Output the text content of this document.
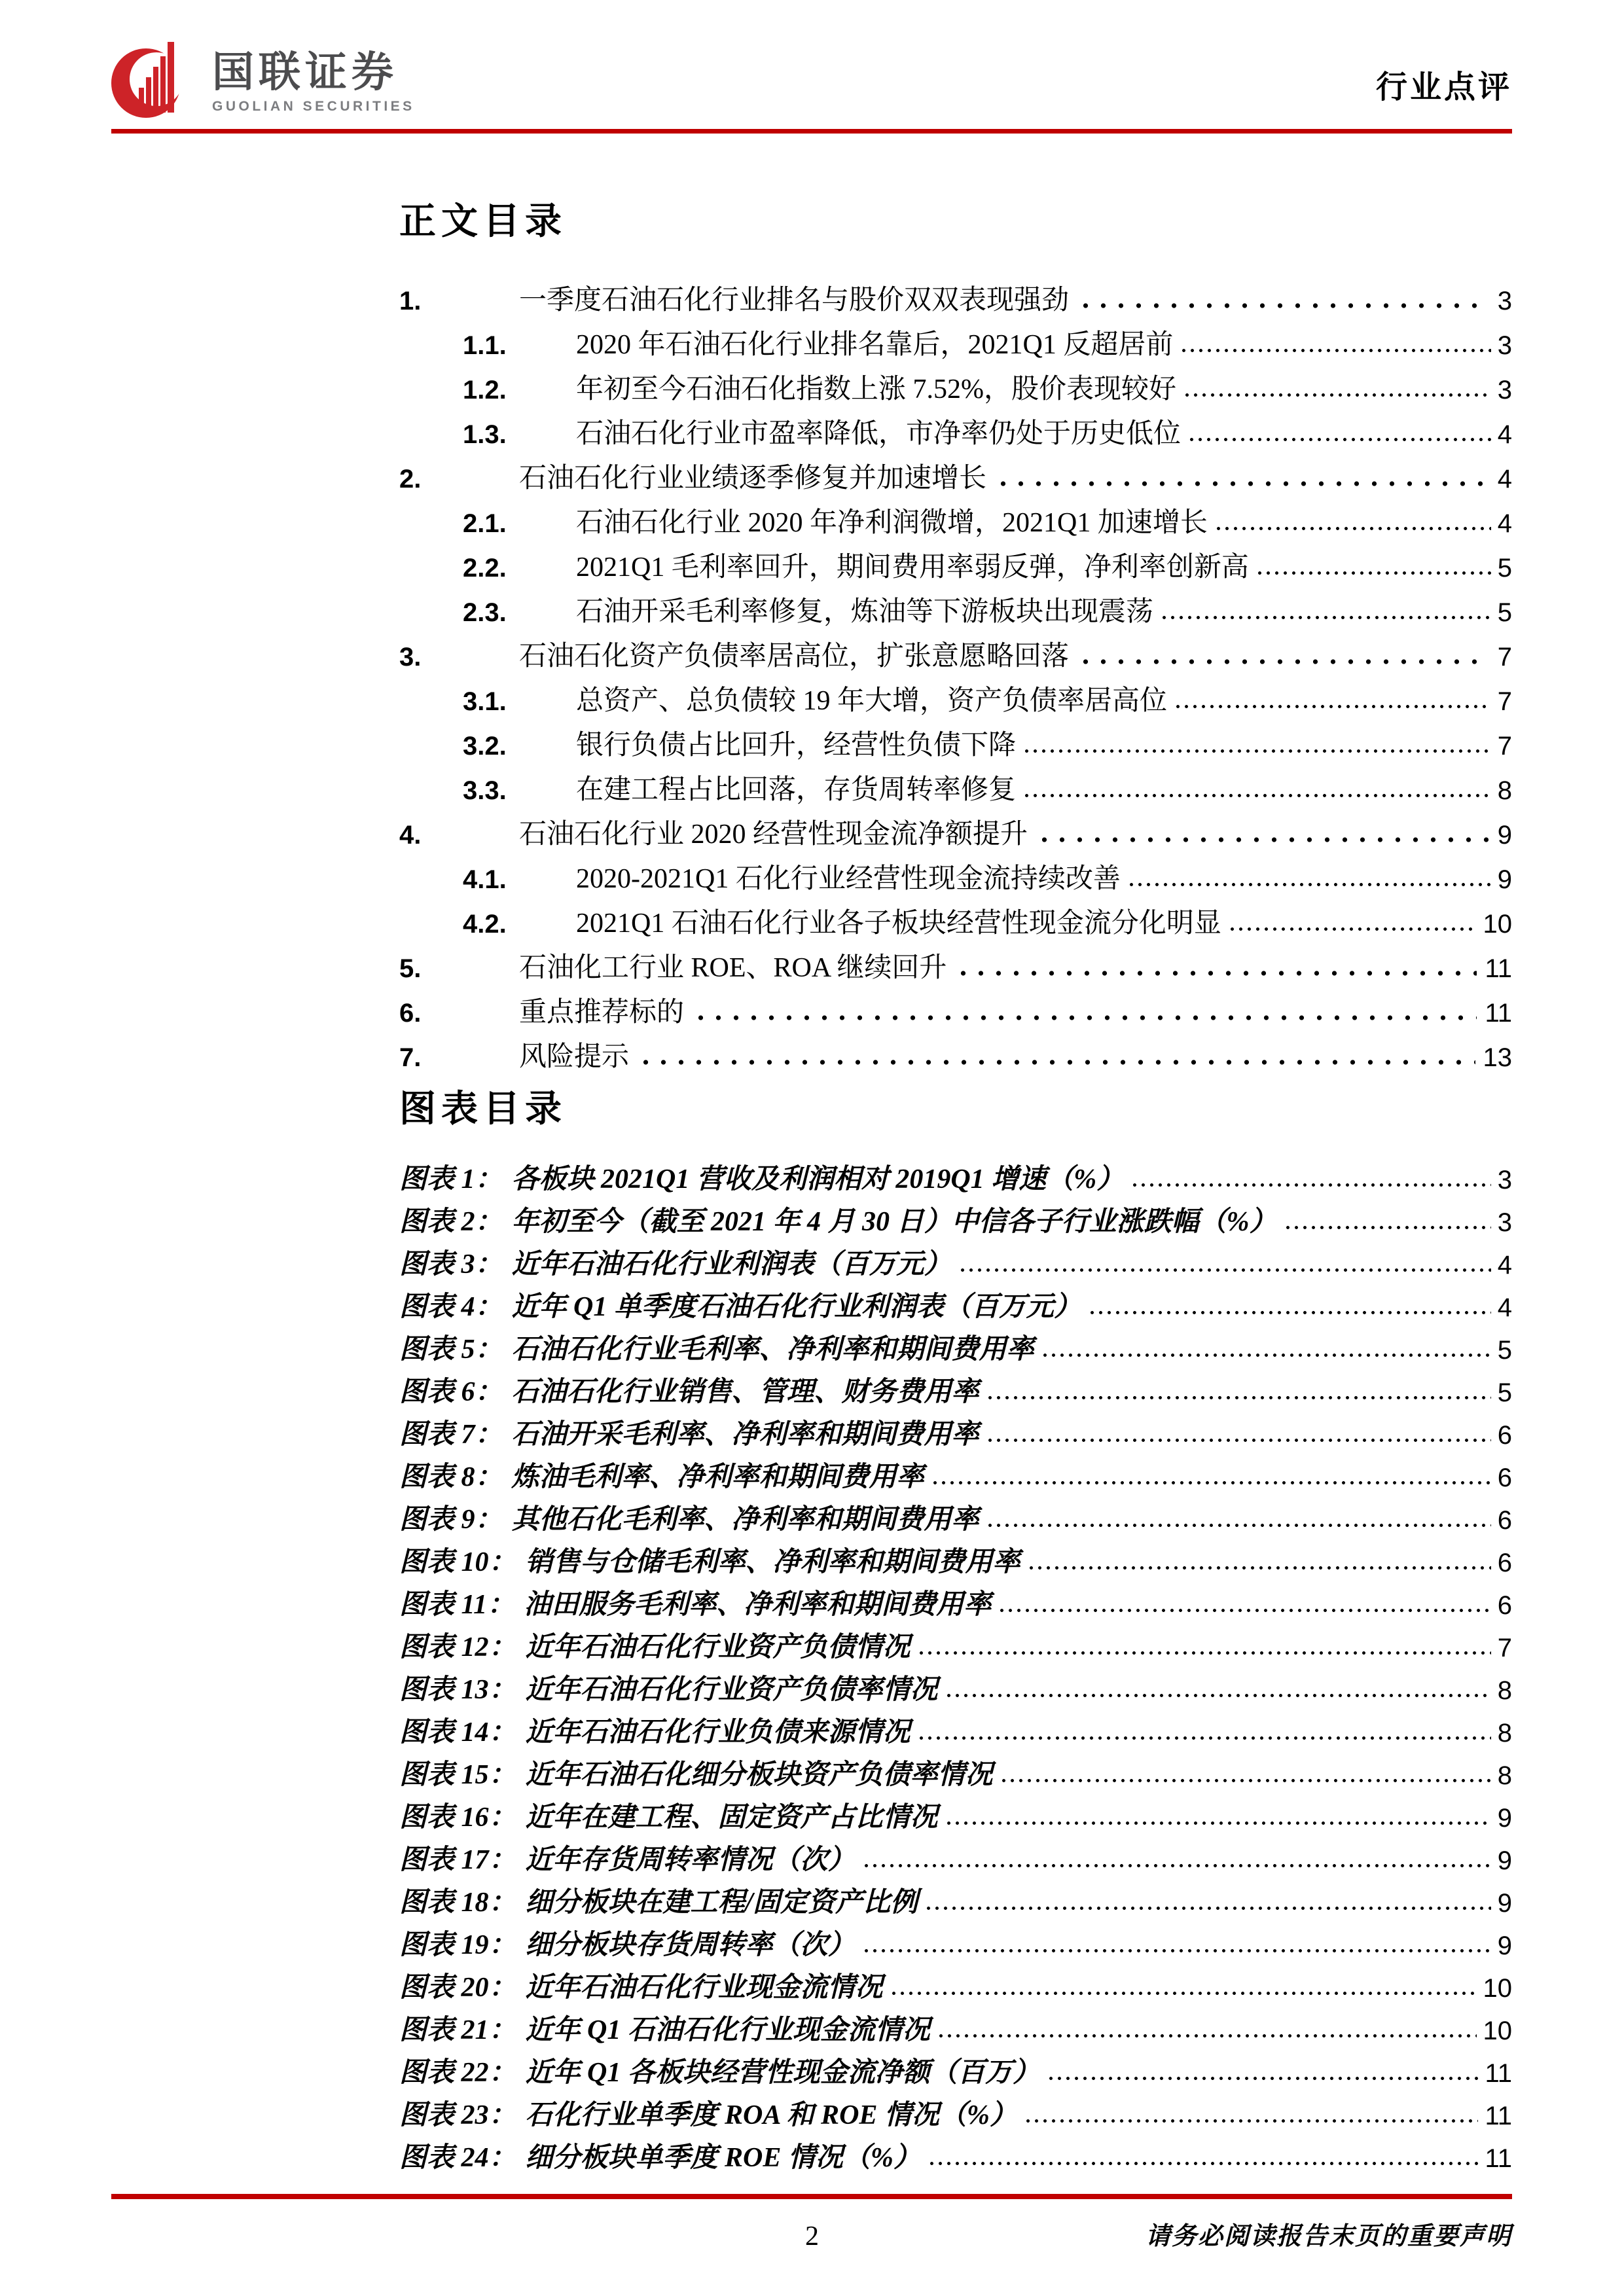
国联证券
GUOLIAN SECURITIES
行业点评
正文目录
1.	一季度石油石化行业排名与股价双双表现强劲	3
1.1.	2020 年石油石化行业排名靠后，2021Q1 反超居前	3
1.2.	年初至今石油石化指数上涨 7.52%，股价表现较好	3
1.3.	石油石化行业市盈率降低，市净率仍处于历史低位	4
2.	石油石化行业业绩逐季修复并加速增长	4
2.1.	石油石化行业 2020 年净利润微增，2021Q1 加速增长	4
2.2.	2021Q1 毛利率回升，期间费用率弱反弹，净利率创新高	5
2.3.	石油开采毛利率修复，炼油等下游板块出现震荡	5
3.	石油石化资产负债率居高位，扩张意愿略回落	7
3.1.	总资产、总负债较 19 年大增，资产负债率居高位	7
3.2.	银行负债占比回升，经营性负债下降	7
3.3.	在建工程占比回落，存货周转率修复	8
4.	石油石化行业 2020 经营性现金流净额提升	9
4.1.	2020-2021Q1 石化行业经营性现金流持续改善	9
4.2.	2021Q1 石油石化行业各子板块经营性现金流分化明显	10
5.	石油化工行业 ROE、ROA 继续回升	11
6.	重点推荐标的	11
7.	风险提示	13
图表目录
图表 1： 各板块 2021Q1 营收及利润相对 2019Q1 增速（%）	3
图表 2： 年初至今（截至 2021 年 4 月 30 日）中信各子行业涨跌幅（%）	3
图表 3： 近年石油石化行业利润表（百万元）	4
图表 4： 近年 Q1 单季度石油石化行业利润表（百万元）	4
图表 5： 石油石化行业毛利率、净利率和期间费用率	5
图表 6： 石油石化行业销售、管理、财务费用率	5
图表 7： 石油开采毛利率、净利率和期间费用率	6
图表 8： 炼油毛利率、净利率和期间费用率	6
图表 9： 其他石化毛利率、净利率和期间费用率	6
图表 10： 销售与仓储毛利率、净利率和期间费用率	6
图表 11： 油田服务毛利率、净利率和期间费用率	6
图表 12： 近年石油石化行业资产负债情况	7
图表 13： 近年石油石化行业资产负债率情况	8
图表 14： 近年石油石化行业负债来源情况	8
图表 15： 近年石油石化细分板块资产负债率情况	8
图表 16： 近年在建工程、固定资产占比情况	9
图表 17： 近年存货周转率情况（次）	9
图表 18： 细分板块在建工程/固定资产比例	9
图表 19： 细分板块存货周转率（次）	9
图表 20： 近年石油石化行业现金流情况	10
图表 21： 近年 Q1 石油石化行业现金流情况	10
图表 22： 近年 Q1 各板块经营性现金流净额（百万）	11
图表 23： 石化行业单季度 ROA 和 ROE 情况（%）	11
图表 24： 细分板块单季度 ROE 情况（%）	11
2	请务必阅读报告末页的重要声明
